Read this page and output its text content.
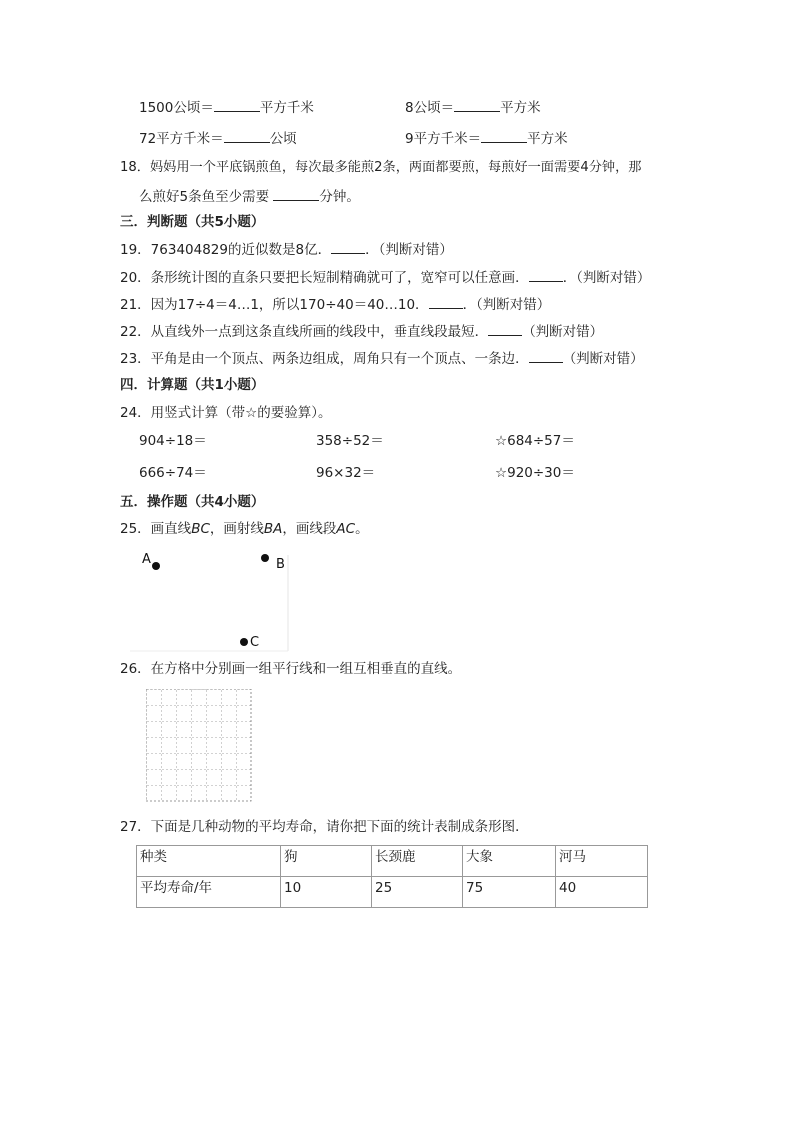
1500公顷＝	平方千米	8公顷＝	平方米
72平方千米＝	公顷	9平方千米＝	平方米
18．妈妈用一个平底锅煎鱼，每次最多能煎2条，两面都要煎，每煎好一面需要4分钟，那
么煎好5条鱼至少需要	分钟。
三．判断题（共5小题）
19．763404829的近似数是8亿．	．（判断对错）
20．条形统计图的直条只要把长短制精确就可了，宽窄可以任意画．	．（判断对错）
21．因为17÷4＝4…1，所以170÷40＝40…10．	．（判断对错）
22．从直线外一点到这条直线所画的线段中，垂直线段最短．	（判断对错）
23．平角是由一个顶点、两条边组成，周角只有一个顶点、一条边．	（判断对错）
四．计算题（共1小题）
24．用竖式计算（带☆的要验算）。
904÷18＝	358÷52＝	☆684÷57＝
666÷74＝	96×32＝	☆920÷30＝
五．操作题（共4小题）
25．画直线BC，画射线BA，画线段AC。
A	B
C
26．在方格中分别画一组平行线和一组互相垂直的直线。
27．下面是几种动物的平均寿命，请你把下面的统计表制成条形图．
种类	狗	长颈鹿	大象	河马
平均寿命/年	10	25	75	40
